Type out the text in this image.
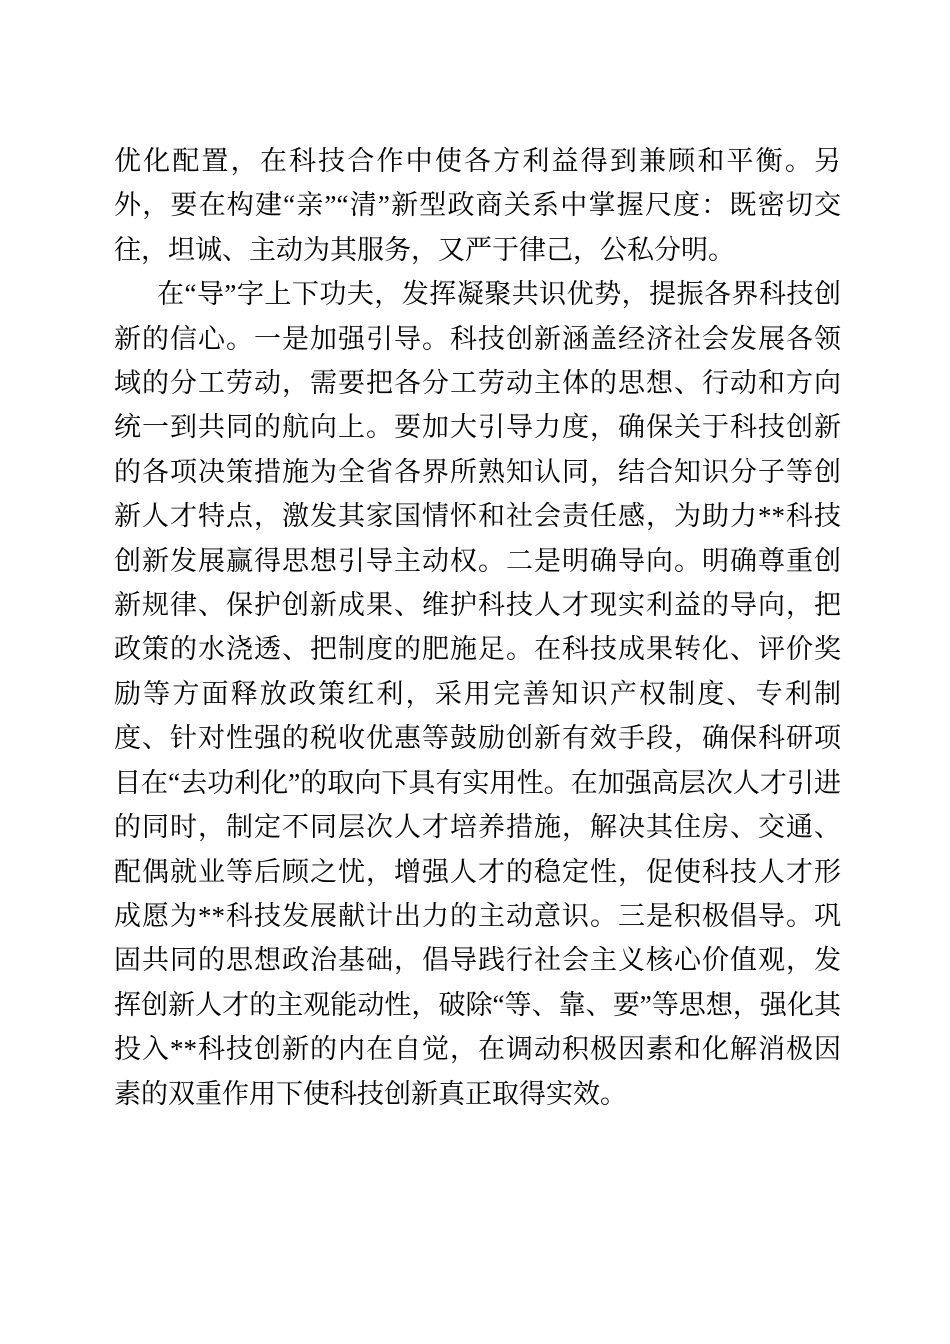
优化配置，在科技合作中使各方利益得到兼顾和平衡。另外，要在构建“亲”“清”新型政商关系中掌握尺度：既密切交往，坦诚、主动为其服务，又严于律己，公私分明。

在“导”字上下功夫，发挥凝聚共识优势，提振各界科技创新的信心。一是加强引导。科技创新涵盖经济社会发展各领域的分工劳动，需要把各分工劳动主体的思想、行动和方向统一到共同的航向上。要加大引导力度，确保关于科技创新的各项决策措施为全省各界所熟知认同，结合知识分子等创新人才特点，激发其家国情怀和社会责任感，为助力**科技创新发展赢得思想引导主动权。二是明确导向。明确尊重创新规律、保护创新成果、维护科技人才现实利益的导向，把政策的水浇透、把制度的肥施足。在科技成果转化、评价奖励等方面释放政策红利，采用完善知识产权制度、专利制度、针对性强的税收优惠等鼓励创新有效手段，确保科研项目在“去功利化”的取向下具有实用性。在加强高层次人才引进的同时，制定不同层次人才培养措施，解决其住房、交通、配偶就业等后顾之忧，增强人才的稳定性，促使科技人才形成愿为**科技发展献计出力的主动意识。三是积极倡导。巩固共同的思想政治基础，倡导践行社会主义核心价值观，发挥创新人才的主观能动性，破除“等、靠、要”等思想，强化其投入**科技创新的内在自觉，在调动积极因素和化解消极因素的双重作用下使科技创新真正取得实效。
